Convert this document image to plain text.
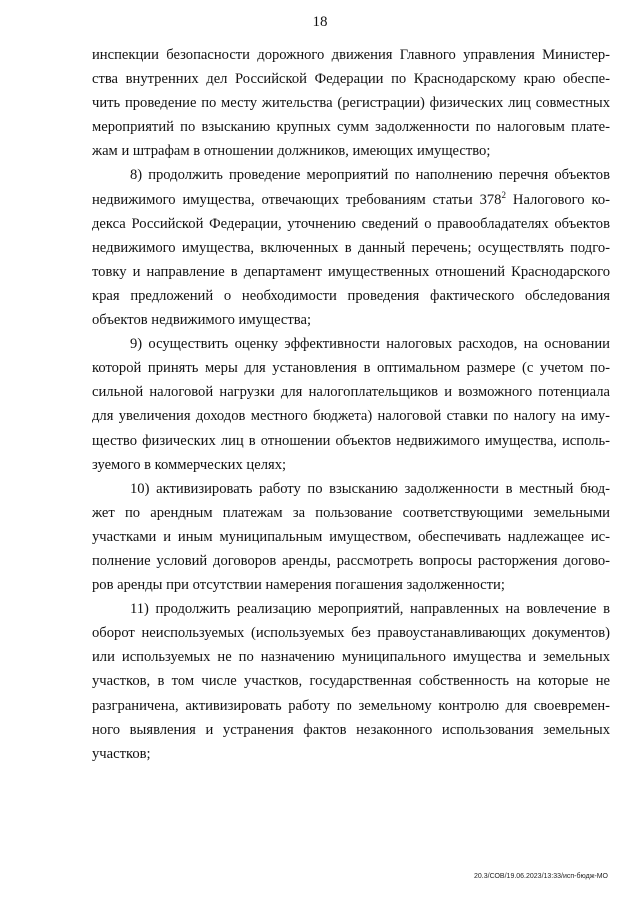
18
инспекции безопасности дорожного движения Главного управления Министер-
ства внутренних дел Российской Федерации по Краснодарскому краю обеспе-
чить проведение по месту жительства (регистрации) физических лиц совместных
мероприятий по взысканию крупных сумм задолженности по налоговым плате-
жам и штрафам в отношении должников, имеющих имущество;
8) продолжить проведение мероприятий по наполнению перечня объектов
недвижимого имущества, отвечающих требованиям статьи $378^2$ Налогового ко-
декса Российской Федерации, уточнению сведений о правообладателях объектов
недвижимого имущества, включенных в данный перечень; осуществлять подго-
товку и направление в департамент имущественных отношений Краснодарского
края предложений о необходимости проведения фактического обследования
объектов недвижимого имущества;
9) осуществить оценку эффективности налоговых расходов, на основании
которой принять меры для установления в оптимальном размере (с учетом по-
сильной налоговой нагрузки для налогоплательщиков и возможного потенциала
для увеличения доходов местного бюджета) налоговой ставки по налогу на иму-
щество физических лиц в отношении объектов недвижимого имущества, исполь-
зуемого в коммерческих целях;
10) активизировать работу по взысканию задолженности в местный бюд-
жет по арендным платежам за пользование соответствующими земельными
участками и иным муниципальным имуществом, обеспечивать надлежащее ис-
полнение условий договоров аренды, рассмотреть вопросы расторжения догово-
ров аренды при отсутствии намерения погашения задолженности;
11) продолжить реализацию мероприятий, направленных на вовлечение в
оборот неиспользуемых (используемых без правоустанавливающих документов)
или используемых не по назначению муниципального имущества и земельных
участков, в том числе участков, государственная собственность на которые не
разграничена, активизировать работу по земельному контролю для своевремен-
ного выявления и устранения фактов незаконного использования земельных
участков;
20.3/СОВ/19.06.2023/13:33/исп-бюдж-МО
